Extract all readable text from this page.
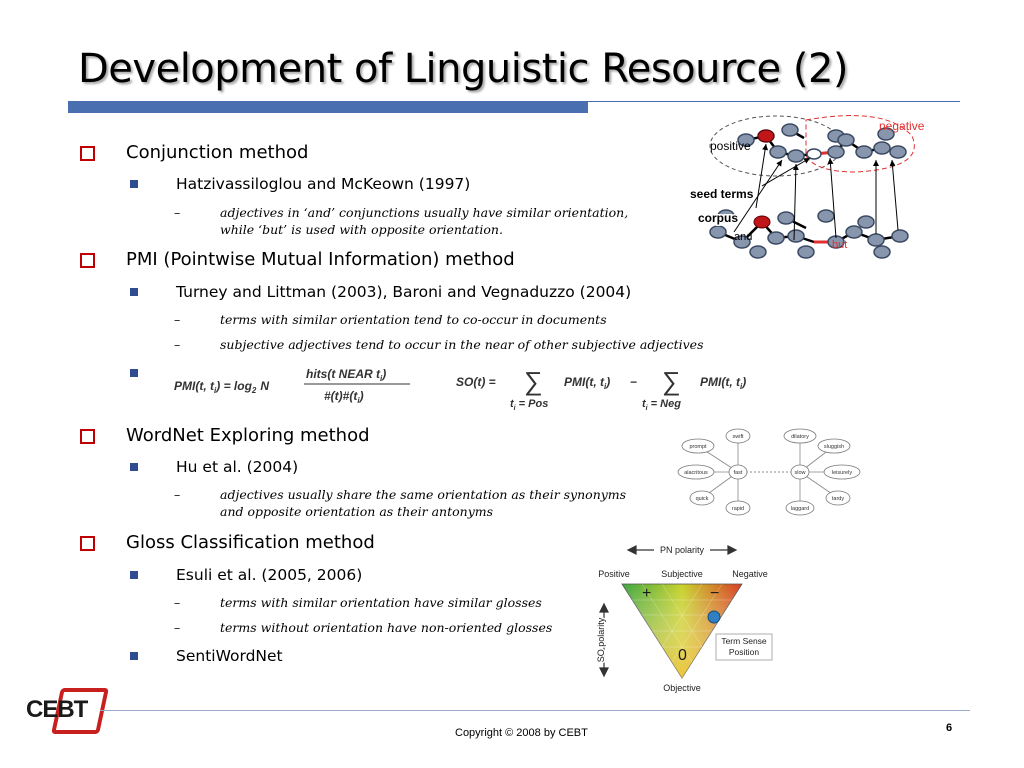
Development of Linguistic Resource (2)
Conjunction method
Hatzivassiloglou and McKeown (1997)
–	adjectives in ‘and’ conjunctions usually have similar orientation,
while ‘but’ is used with opposite orientation.
PMI (Pointwise Mutual Information) method
Turney and Littman (2003), Baroni and Vegnaduzzo (2004)
–	terms with similar orientation tend to co-occur in documents
–	subjective adjectives tend to occur in the near of other subjective adjectives
PMI(t, $t_i) = \log_2 N$
hits(t NEAR $t_i$)
$\#(t)\#(t_i)$
SO(t) = ∑
$t_i$ = Pos
PMI(t, $t_i$) − ∑
$t_i$ = Neg
PMI(t, $t_i$)
WordNet Exploring method
Hu et al. (2004)
–	adjectives usually share the same orientation as their synonyms
and opposite orientation as their antonyms
Gloss Classification method
Esuli et al. (2005, 2006)
–	terms with similar orientation have similar glosses
–	terms without orientation have non-oriented glosses
SentiWordNet
negative
positive
seed terms
corpus
and
but
swift
prompt
alacritous	fast
quick
rapid
dilatory
sluggish
slow	leisurely
tardy
laggard
PN polarity
Positive	Subjective	Negative
+	−
0
SO polarity
Objective
Term Sense
Position
CEBT
Copyright © 2008 by CEBT	6
